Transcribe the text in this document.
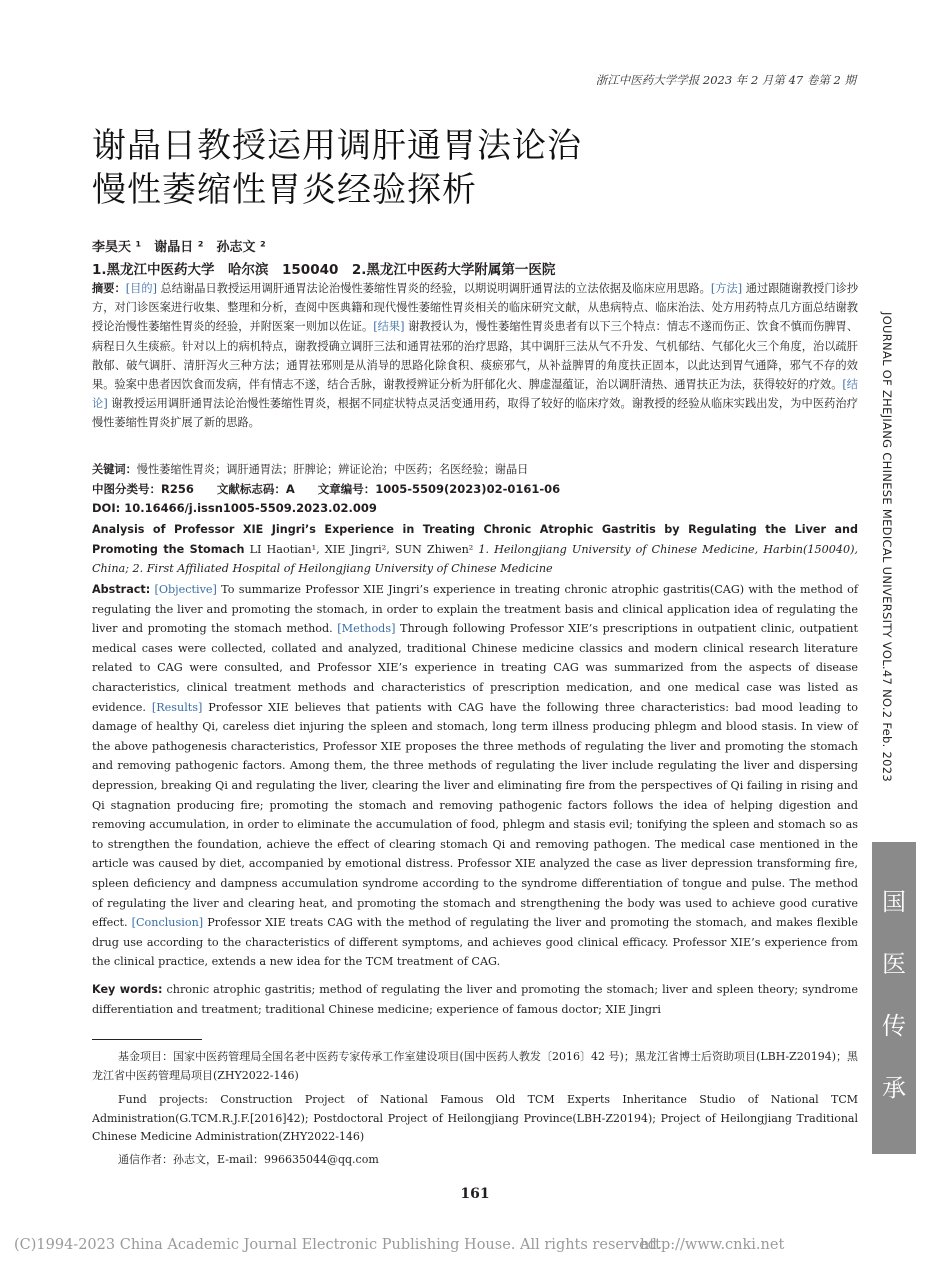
浙江中医药大学学报 2023 年 2 月第 47 卷第 2 期
谢晶日教授运用调肝通胃法论治
慢性萎缩性胃炎经验探析
李昊天 ¹　谢晶日 ²　孙志文 ²
1.黑龙江中医药大学　哈尔滨　150040　2.黑龙江中医药大学附属第一医院
摘要：[目的] 总结谢晶日教授运用调肝通胃法论治慢性萎缩性胃炎的经验，以期说明调肝通胃法的立法依据及临床应用思路。[方法] 通过跟随谢教授门诊抄方，对门诊医案进行收集、整理和分析，查阅中医典籍和现代慢性萎缩性胃炎相关的临床研究文献，从患病特点、临床治法、处方用药特点几方面总结谢教授论治慢性萎缩性胃炎的经验，并附医案一则加以佐证。[结果] 谢教授认为，慢性萎缩性胃炎患者有以下三个特点：情志不遂而伤正、饮食不慎而伤脾胃、病程日久生痰瘀。针对以上的病机特点，谢教授确立调肝三法和通胃祛邪的治疗思路，其中调肝三法从气不升发、气机郁结、气郁化火三个角度，治以疏肝散郁、破气调肝、清肝泻火三种方法；通胃祛邪则是从消导的思路化除食积、痰瘀邪气，从补益脾胃的角度扶正固本，以此达到胃气通降，邪气不存的效果。验案中患者因饮食而发病，伴有情志不遂，结合舌脉，谢教授辨证分析为肝郁化火、脾虚湿蕴证，治以调肝清热、通胃扶正为法，获得较好的疗效。[结论] 谢教授运用调肝通胃法论治慢性萎缩性胃炎，根据不同症状特点灵活变通用药，取得了较好的临床疗效。谢教授的经验从临床实践出发，为中医药治疗慢性萎缩性胃炎扩展了新的思路。
关键词：慢性萎缩性胃炎；调肝通胃法；肝脾论；辨证论治；中医药；名医经验；谢晶日
中图分类号：R256　　文献标志码：A　　文章编号：1005-5509(2023)02-0161-06
DOI: 10.16466/j.issn1005-5509.2023.02.009
Analysis of Professor XIE Jingri’s Experience in Treating Chronic Atrophic Gastritis by Regulating the Liver and Promoting the Stomach LI Haotian¹, XIE Jingri², SUN Zhiwen² 1. Heilongjiang University of Chinese Medicine, Harbin(150040), China; 2. First Affiliated Hospital of Heilongjiang University of Chinese Medicine
Abstract: [Objective] To summarize Professor XIE Jingri’s experience in treating chronic atrophic gastritis(CAG) with the method of regulating the liver and promoting the stomach, in order to explain the treatment basis and clinical application idea of regulating the liver and promoting the stomach method. [Methods] Through following Professor XIE’s prescriptions in outpatient clinic, outpatient medical cases were collected, collated and analyzed, traditional Chinese medicine classics and modern clinical research literature related to CAG were consulted, and Professor XIE’s experience in treating CAG was summarized from the aspects of disease characteristics, clinical treatment methods and characteristics of prescription medication, and one medical case was listed as evidence. [Results] Professor XIE believes that patients with CAG have the following three characteristics: bad mood leading to damage of healthy Qi, careless diet injuring the spleen and stomach, long term illness producing phlegm and blood stasis. In view of the above pathogenesis characteristics, Professor XIE proposes the three methods of regulating the liver and promoting the stomach and removing pathogenic factors. Among them, the three methods of regulating the liver include regulating the liver and dispersing depression, breaking Qi and regulating the liver, clearing the liver and eliminating fire from the perspectives of Qi failing in rising and Qi stagnation producing fire; promoting the stomach and removing pathogenic factors follows the idea of helping digestion and removing accumulation, in order to eliminate the accumulation of food, phlegm and stasis evil; tonifying the spleen and stomach so as to strengthen the foundation, achieve the effect of clearing stomach Qi and removing pathogen. The medical case mentioned in the article was caused by diet, accompanied by emotional distress. Professor XIE analyzed the case as liver depression transforming fire, spleen deficiency and dampness accumulation syndrome according to the syndrome differentiation of tongue and pulse. The method of regulating the liver and clearing heat, and promoting the stomach and strengthening the body was used to achieve good curative effect. [Conclusion] Professor XIE treats CAG with the method of regulating the liver and promoting the stomach, and makes flexible drug use according to the characteristics of different symptoms, and achieves good clinical efficacy. Professor XIE’s experience from the clinical practice, extends a new idea for the TCM treatment of CAG.
Key words: chronic atrophic gastritis; method of regulating the liver and promoting the stomach; liver and spleen theory; syndrome differentiation and treatment; traditional Chinese medicine; experience of famous doctor; XIE Jingri
基金项目：国家中医药管理局全国名老中医药专家传承工作室建设项目(国中医药人教发〔2016〕42 号)；黑龙江省博士后资助项目(LBH-Z20194)；黑龙江省中医药管理局项目(ZHY2022-146)
Fund projects: Construction Project of National Famous Old TCM Experts Inheritance Studio of National TCM Administration(G.TCM.R.J.F.[2016]42); Postdoctoral Project of Heilongjiang Province(LBH-Z20194); Project of Heilongjiang Traditional Chinese Medicine Administration(ZHY2022-146)
通信作者：孙志文，E-mail：996635044@qq.com
JOURNAL OF ZHEJIANG CHINESE MEDICAL UNIVERSITY VOL.47 NO.2 Feb. 2023
国
医
传
承
161
(C)1994-2023 China Academic Journal Electronic Publishing House. All rights reserved.
http://www.cnki.net
